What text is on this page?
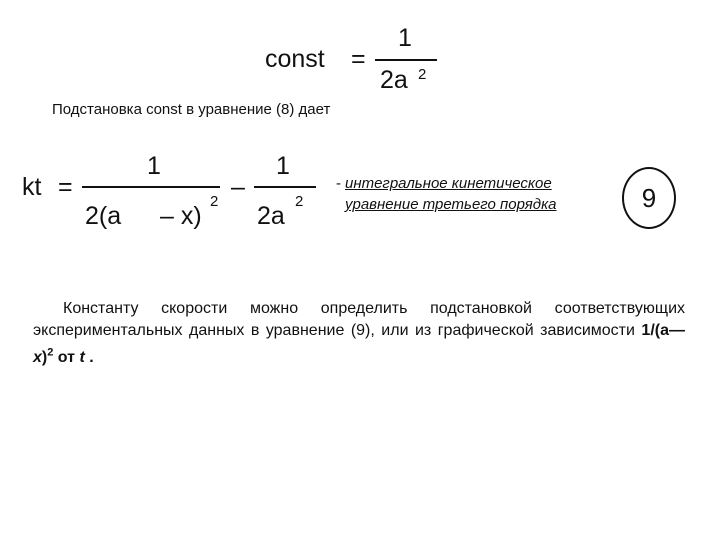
const =
1
2a 2
Подстановка const в уравнение (8) дает
kt =
1
2(a – x)
2
–
1
2a
2
- интегральное кинетическое
уравнение третьего порядка	9

Константу скорости можно определить подстановкой соответствующих экспериментальных данных в уравнение (9), или из графической зависимости 1/(a—x)$^2$ от t .
